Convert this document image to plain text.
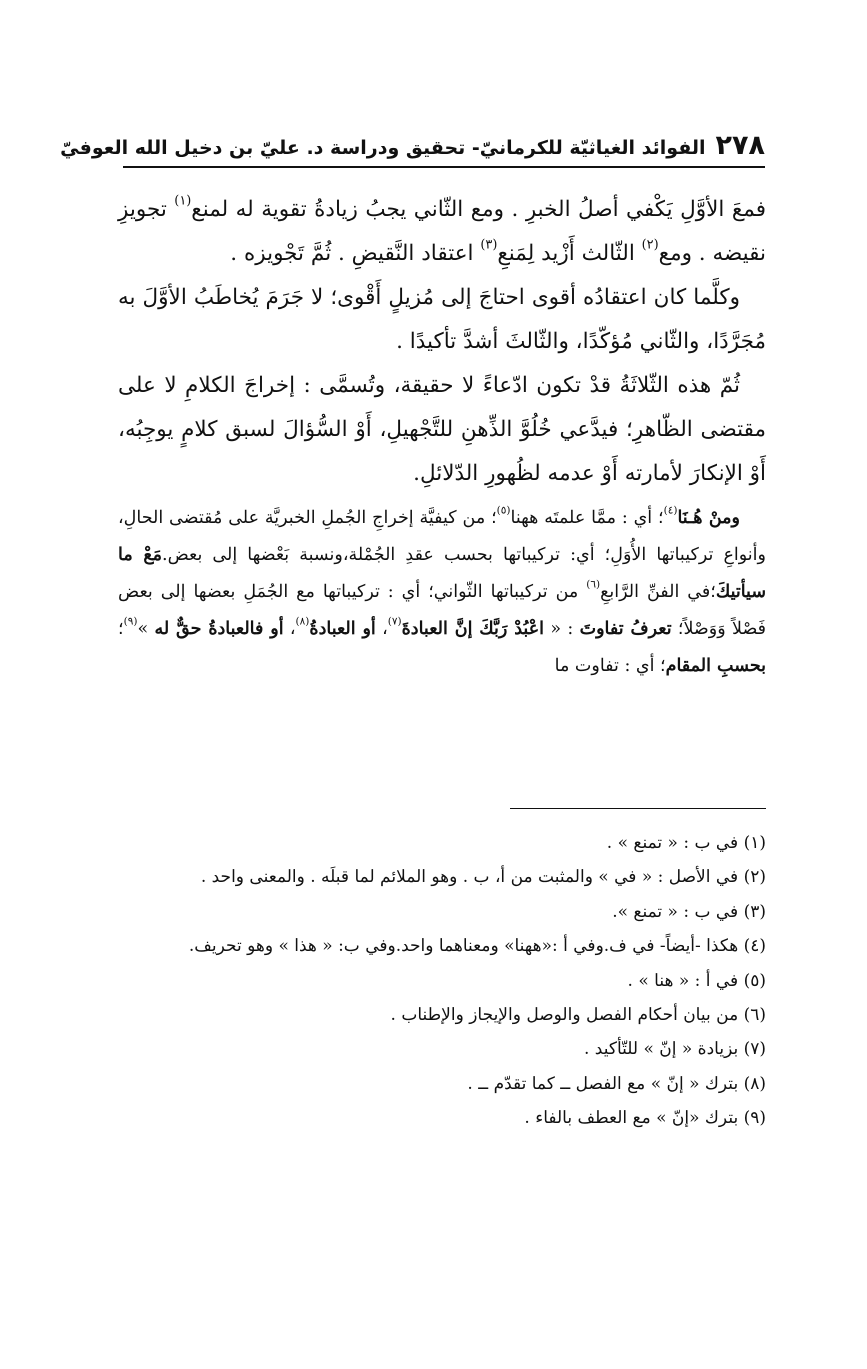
٢٧٨
الفوائد الغياثيّة للكرمانيّ- تحقيق ودراسة د. عليّ بن دخيل الله العوفيّ

فمعَ الأوَّلِ يَكْفي أصلُ الخبرِ . ومع الثّاني يجبُ زيادةُ تقوية له لمنع$^{(١)}$ تجويزِ نقيضه . ومع$^{(٢)}$ الثّالث أَزْيد لِمَنعِ$^{(٣)}$ اعتقاد النَّقيضِ . ثُمَّ تَجْويزه .

وكلَّما كان اعتقادُه أقوى احتاجَ إلى مُزيلٍ أَقْوى؛ لا جَرَمَ يُخاطَبُ الأوَّلَ به مُجَرَّدًا، والثّاني مُؤكّدًا، والثّالثَ أشدَّ تأكيدًا .

ثُمّ هذه الثّلاثَةُ قدْ تكون ادّعاءً لا حقيقة، وتُسمَّى : إخراجَ الكلامِ لا على مقتضى الظّاهرِ؛ فيدَّعي خُلُوَّ الذِّهنِ للتَّجْهيلِ، أَوْ السُّؤالَ لسبق كلامٍ يوجِبُه، أَوْ الإنكارَ لأمارته أَوْ عدمه لظُهورِ الدّلائلِ.

ومنْ هُـنَا$^{(٤)}$؛ أي : ممَّا علمتَه ههنا$^{(٥)}$؛ من كيفيَّة إخراجِ الجُملِ الخبريَّة على مُقتضى الحالِ، وأنواعِ تركيباتها الأُوَلِ؛ أي: تركيباتها بحسب عقدِ الجُمْلة،ونسبة بَعْضها إلى بعض.مَعْ ما سيأتيكَ؛في الفنِّ الرَّابعِ$^{(٦)}$ من تركيباتها الثّواني؛ أي : تركيباتها مع الجُمَلِ بعضها إلى بعض فَصْلاً وَوَصْلاً؛ تعرفُ تفاوتَ : « اعْبُدْ رَبَّكَ إنَّ العبادةَ$^{(٧)}$، أو العبادةُ$^{(٨)}$، أو فالعبادةُ حقٌّ له »$^{(٩)}$؛ بحسبِ المقام؛ أي : تفاوت ما

(١) في ب : « تمنع » .
(٢) في الأصل : « في » والمثبت من أ، ب . وهو الملائم لما قبلَه . والمعنى واحد .
(٣) في ب : « تمنع ».
(٤) هكذا -أيضاً- في ف.وفي أ :«ههنا» ومعناهما واحد.وفي ب: « هذا » وهو تحريف.
(٥) في أ : « هنا » .
(٦) من بيان أحكام الفصل والوصل والإيجاز والإطناب .
(٧) بزيادة « إنّ » للتّأكيد .
(٨) بترك « إنّ » مع الفصل ــ كما تقدّم ــ .
(٩) بترك «إنّ » مع العطف بالفاء .
